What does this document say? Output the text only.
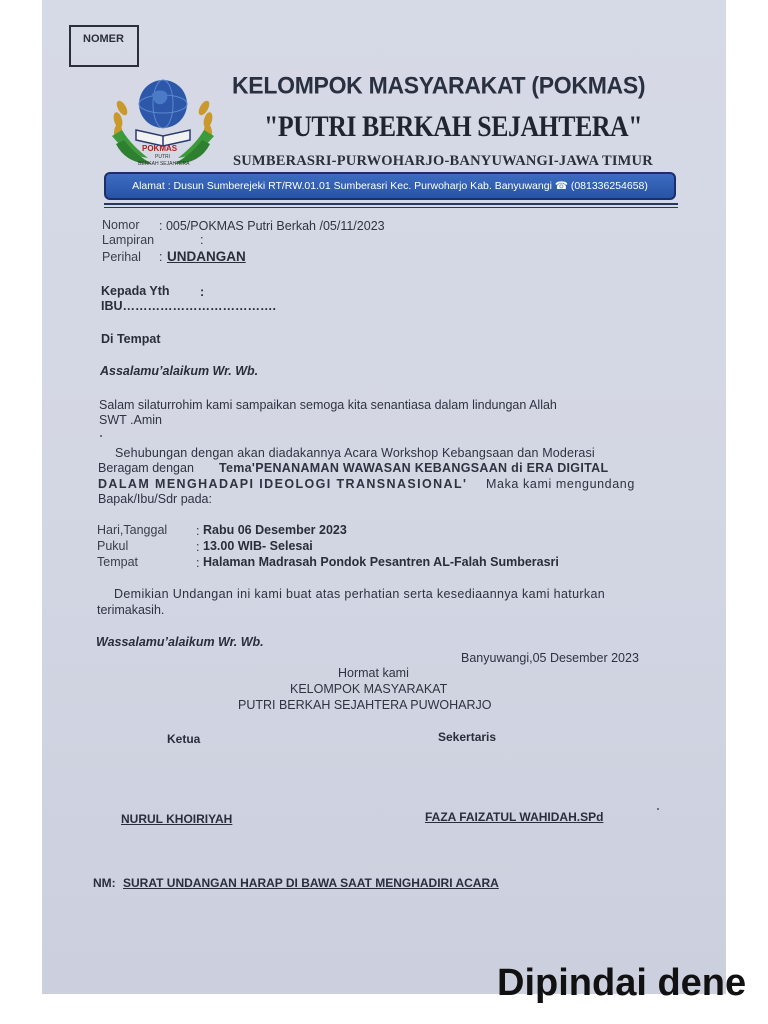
NOMER
POKMAS
PUTRI
BERKAH SEJAHTERA
KELOMPOK MASYARAKAT (POKMAS)
"PUTRI BERKAH SEJAHTERA"
SUMBERASRI-PURWOHARJO-BANYUWANGI-JAWA TIMUR
Alamat : Dusun Sumberejeki RT/RW.01.01 Sumberasri Kec. Purwoharjo Kab. Banyuwangi ☎ (081336254658)
Nomor : 005/POKMAS Putri Berkah /05/11/2023
Lampiran	:
Perihal : UNDANGAN
Kepada Yth :
IBU……………………………….
Di Tempat
Assalamu’alaikum Wr. Wb.
Salam silaturrohim kami sampaikan semoga kita senantiasa dalam lindungan Allah
SWT .Amin
Sehubungan dengan akan diadakannya Acara Workshop Kebangsaan dan Moderasi
Beragam dengan Tema'PENANAMAN WAWASAN KEBANGSAAN di ERA DIGITAL
DALAM MENGHADAPI IDEOLOGI TRANSNASIONAL' Maka kami mengundang
Bapak/Ibu/Sdr pada:
Hari,Tanggal : Rabu 06 Desember 2023
Pukul	: 13.00 WIB- Selesai
Tempat	: Halaman Madrasah Pondok Pesantren AL-Falah Sumberasri
Demikian Undangan ini kami buat atas perhatian serta kesediaannya kami haturkan
terimakasih.
Wassalamu’alaikum Wr. Wb.
Banyuwangi,05 Desember 2023
Hormat kami
KELOMPOK MASYARAKAT
PUTRI BERKAH SEJAHTERA PUWOHARJO
Ketua	Sekertaris
NURUL KHOIRIYAH	FAZA FAIZATUL WAHIDAH.SPd
NM: SURAT UNDANGAN HARAP DI BAWA SAAT MENGHADIRI ACARA
Dipindai dene
